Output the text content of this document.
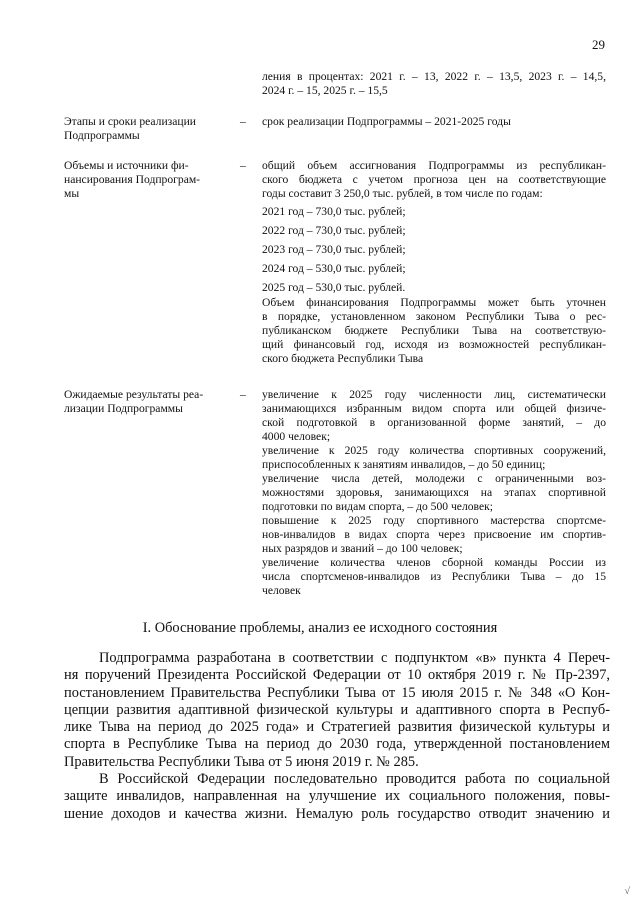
29
ления в процентах: 2021 г. – 13, 2022 г. – 13,5, 2023 г. – 14,5,
2024 г. – 15, 2025 г. – 15,5
Этапы и сроки реализации
Подпрограммы
–	срок реализации Подпрограммы – 2021-2025 годы
Объемы и источники фи-
нансирования Подпрограм-
мы
–	общий объем ассигнования Подпрограммы из республикан-
ского бюджета с учетом прогноза цен на соответствующие
годы составит 3 250,0 тыс. рублей, в том числе по годам:
2021 год – 730,0 тыс. рублей;
2022 год – 730,0 тыс. рублей;
2023 год – 730,0 тыс. рублей;
2024 год – 530,0 тыс. рублей;
2025 год – 530,0 тыс. рублей.
Объем финансирования Подпрограммы может быть уточнен
в порядке, установленном законом Республики Тыва о рес-
публиканском бюджете Республики Тыва на соответствую-
щий финансовый год, исходя из возможностей республикан-
ского бюджета Республики Тыва
Ожидаемые результаты реа-
лизации Подпрограммы
–	увеличение к 2025 году численности лиц, систематически
занимающихся избранным видом спорта или общей физиче-
ской подготовкой в организованной форме занятий, – до
4000 человек;
увеличение к 2025 году количества спортивных сооружений,
приспособленных к занятиям инвалидов, – до 50 единиц;
увеличение числа детей, молодежи с ограниченными воз-
можностями здоровья, занимающихся на этапах спортивной
подготовки по видам спорта, – до 500 человек;
повышение к 2025 году спортивного мастерства спортсме-
нов-инвалидов в видах спорта через присвоение им спортив-
ных разрядов и званий – до 100 человек;
увеличение количества членов сборной команды России из
числа спортсменов-инвалидов из Республики Тыва – до 15
человек
I. Обоснование проблемы, анализ ее исходного состояния
Подпрограмма разработана в соответствии с подпунктом «в» пункта 4 Переч-
ня поручений Президента Российской Федерации от 10 октября 2019 г. № Пр-2397,
постановлением Правительства Республики Тыва от 15 июля 2015 г. № 348 «О Кон-
цепции развития адаптивной физической культуры и адаптивного спорта в Респуб-
лике Тыва на период до 2025 года» и Стратегией развития физической культуры и
спорта в Республике Тыва на период до 2030 года, утвержденной постановлением
Правительства Республики Тыва от 5 июня 2019 г. № 285.
В Российской Федерации последовательно проводится работа по социальной
защите инвалидов, направленная на улучшение их социального положения, повы-
шение доходов и качества жизни. Немалую роль государство отводит значению и
√
